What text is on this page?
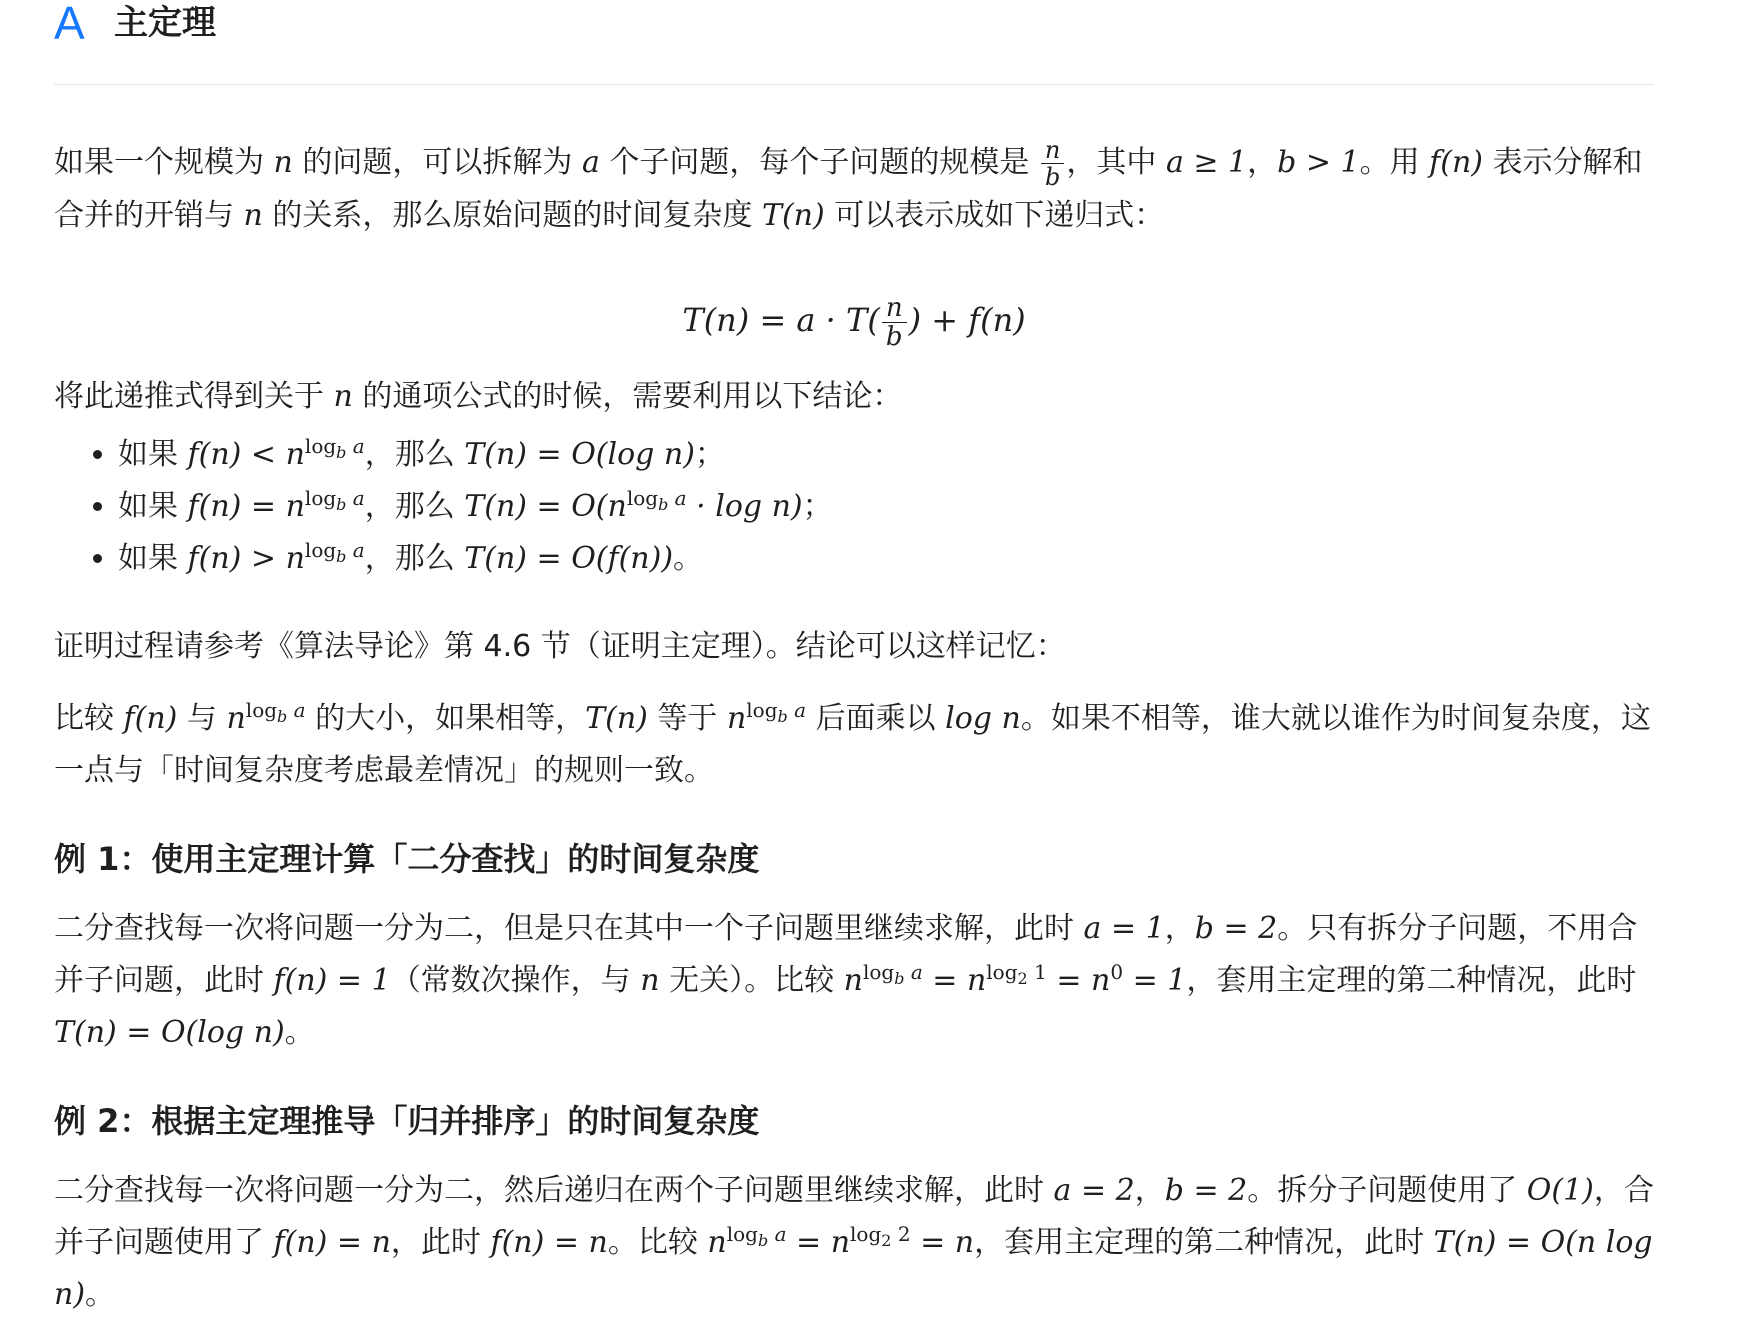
A 主定理

如果一个规模为 n 的问题，可以拆解为 a 个子问题，每个子问题的规模是 $\frac{n}{b}$ ，其中 a ≥ 1，b > 1。用 f(n) 表示分解和合并的开销与 n 的关系，那么原始问题的时间复杂度 T(n) 可以表示成如下递归式：

$T(n) = a \cdot T( \frac{n}{b}$ ) + f(n)

将此递推式得到关于 n 的通项公式的时候，需要利用以下结论：

• 如果 $f(n) < n^{log_b a}$，那么 T(n) = O(log n)；
• 如果 $f(n) = n^{log_b a}$，那么 $T(n) = O(n^{log_b a} \cdot \log n)$；
• 如果 $f(n) > n^{log_b a}$，那么 T(n) = O(f(n))。

证明过程请参考《算法导论》第 4.6 节（证明主定理）。结论可以这样记忆：

比较 f(n) 与 $n^{log_b a}$ 的大小，如果相等，T(n) 等于 $n^{log_b a}$ 后面乘以 log n。如果不相等，谁大就以谁作为时间复杂度，这一点与「时间复杂度考虑最差情况」的规则一致。

例 1：使用主定理计算「二分查找」的时间复杂度

二分查找每一次将问题一分为二，但是只在其中一个子问题里继续求解，此时 a = 1，b = 2。只有拆分子问题，不用合并子问题，此时 f(n) = 1（常数次操作，与 n 无关）。比较 $n^{log_b a} = n^{log_2 1} = n^0 = 1$，套用主定理的第二种情况，此时 T(n) = O(log n)。

例 2：根据主定理推导「归并排序」的时间复杂度

二分查找每一次将问题一分为二，然后递归在两个子问题里继续求解，此时 a = 2，b = 2。拆分子问题使用了 O(1)，合并子问题使用了 f(n) = n，此时 f(n) = n。比较 $n^{log_b a} = n^{log_2 2} = n$，套用主定理的第二种情况，此时 T(n) = O(n log n)。
